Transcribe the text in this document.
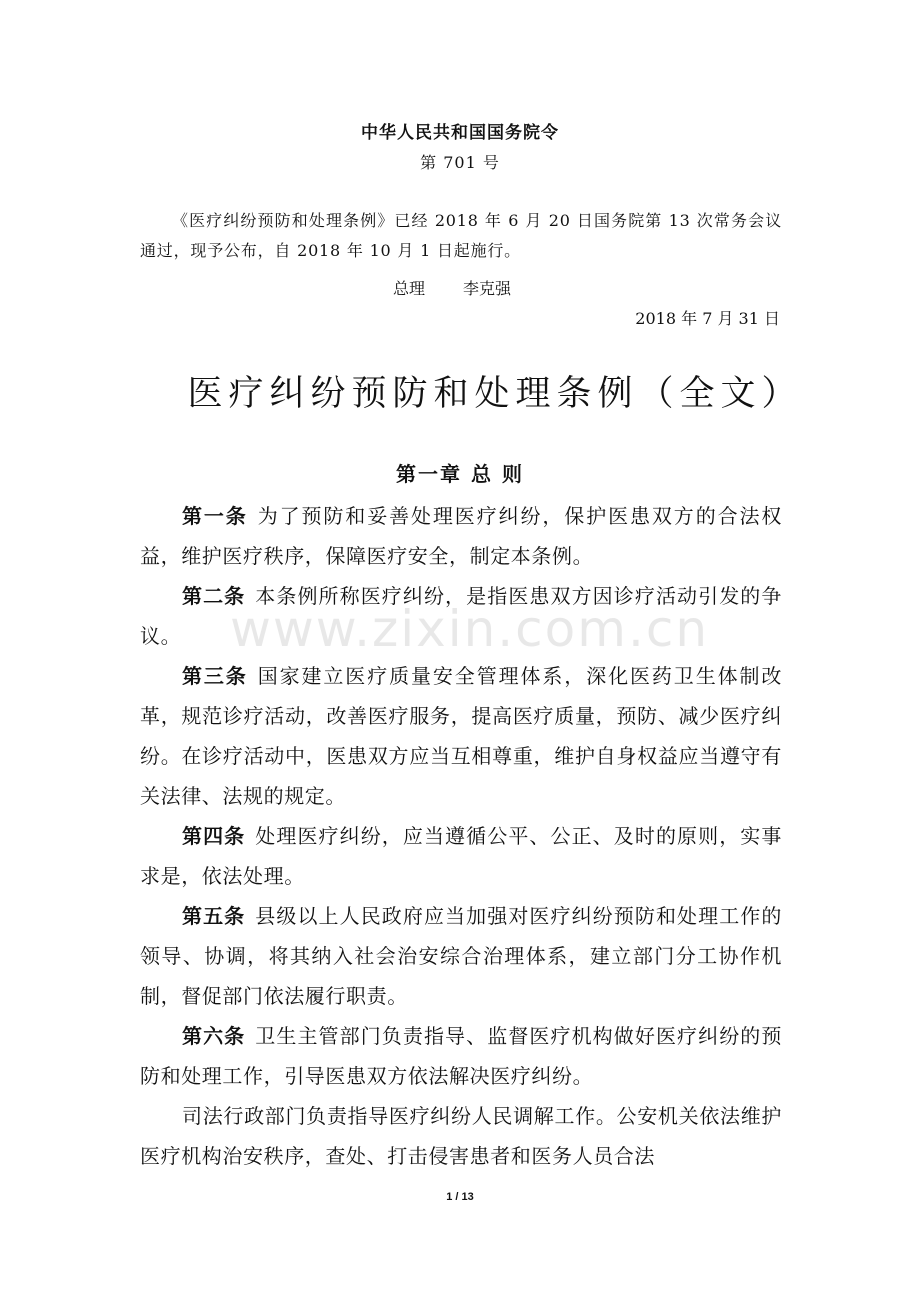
中华人民共和国国务院令
第 701 号
《医疗纠纷预防和处理条例》已经 2018 年 6 月 20 日国务院第 13 次常务会议通过，现予公布，自 2018 年 10 月 1 日起施行。
总理 李克强
2018 年 7 月 31 日
医疗纠纷预防和处理条例（全文）
第一章 总 则

第一条 为了预防和妥善处理医疗纠纷，保护医患双方的合法权益，维护医疗秩序，保障医疗安全，制定本条例。

第二条 本条例所称医疗纠纷，是指医患双方因诊疗活动引发的争议。

第三条 国家建立医疗质量安全管理体系，深化医药卫生体制改革，规范诊疗活动，改善医疗服务，提高医疗质量，预防、减少医疗纠纷。在诊疗活动中，医患双方应当互相尊重，维护自身权益应当遵守有关法律、法规的规定。

第四条 处理医疗纠纷，应当遵循公平、公正、及时的原则，实事求是，依法处理。

第五条 县级以上人民政府应当加强对医疗纠纷预防和处理工作的领导、协调，将其纳入社会治安综合治理体系，建立部门分工协作机制，督促部门依法履行职责。

第六条 卫生主管部门负责指导、监督医疗机构做好医疗纠纷的预防和处理工作，引导医患双方依法解决医疗纠纷。

司法行政部门负责指导医疗纠纷人民调解工作。公安机关依法维护医疗机构治安秩序，查处、打击侵害患者和医务人员合法

www.zixin.com.cn
1 / 13
